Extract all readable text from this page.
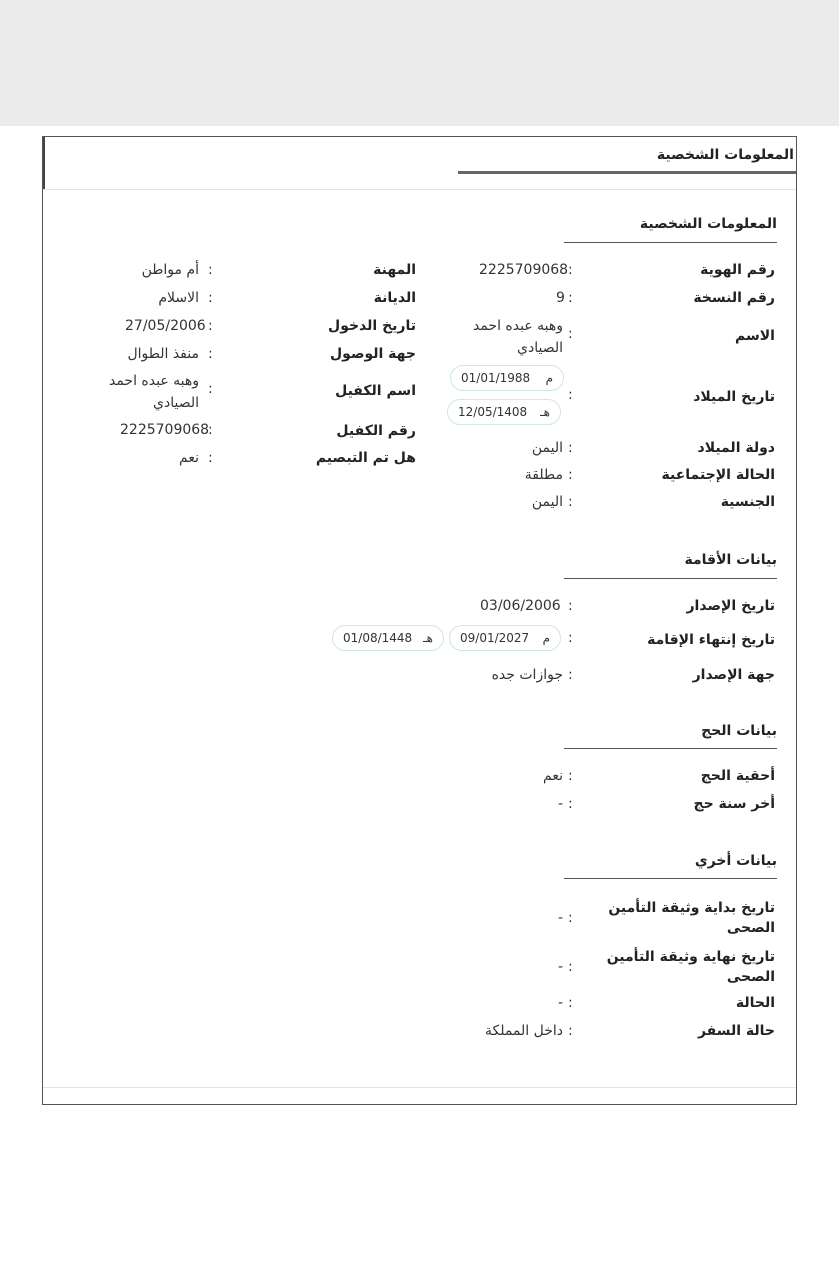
المعلومات الشخصية
المعلومات الشخصية
رقم الهوية
:
2225709068
رقم النسخة
:
9
الاسم
:
وهبه عبده احمد الصيادي
تاريخ الميلاد
:
01/01/1988 م
12/05/1408 هـ
دولة الميلاد
:
اليمن
الحالة الإجتماعية
:
مطلقة
الجنسية
:
اليمن
المهنة
:
أم مواطن
الديانة
:
الاسلام
تاريخ الدخول
:
27/05/2006
جهة الوصول
:
منفذ الطوال
اسم الكفيل
:
وهبه عبده احمد الصيادي
رقم الكفيل
:
2225709068
هل تم التبصيم
:
نعم
بيانات الأقامة
تاريخ الإصدار
:
03/06/2006
تاريخ إنتهاء الإقامة
:
09/01/2027 م
01/08/1448 هـ
جهة الإصدار
:
جوازات جده
بيانات الحج
أحقية الحج
:
نعم
أخر سنة حج
:
-
بيانات أخري
تاريخ بداية وثيقة التأمين الصحى
:
-
تاريخ نهاية وثيقة التأمين الصحى
:
-
الحالة
:
-
حالة السفر
:
داخل المملكة
